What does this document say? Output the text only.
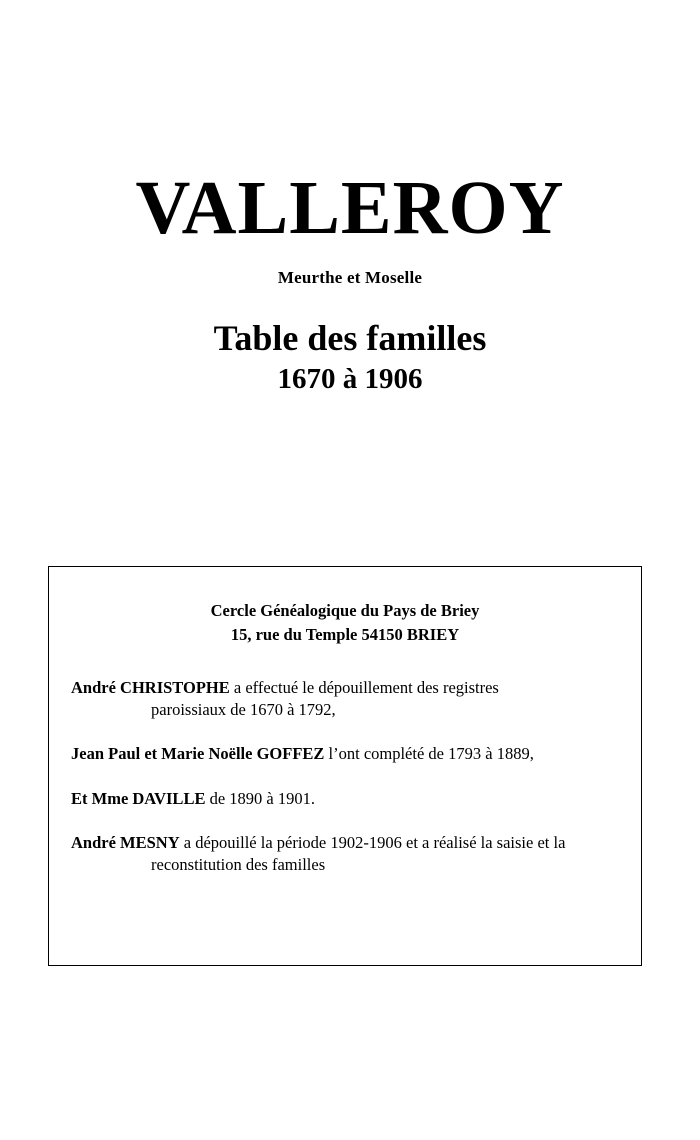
VALLEROY
Meurthe et Moselle
Table des familles
1670 à 1906
Cercle Généalogique du Pays de Briey
15, rue du Temple 54150 BRIEY
André CHRISTOPHE a effectué le dépouillement des registres
paroissiaux de 1670 à 1792,
Jean Paul et Marie Noëlle GOFFEZ l’ont complété de 1793 à 1889,
Et Mme DAVILLE de 1890 à 1901.
André MESNY a dépouillé la période 1902-1906 et a réalisé la saisie et la
reconstitution des familles
